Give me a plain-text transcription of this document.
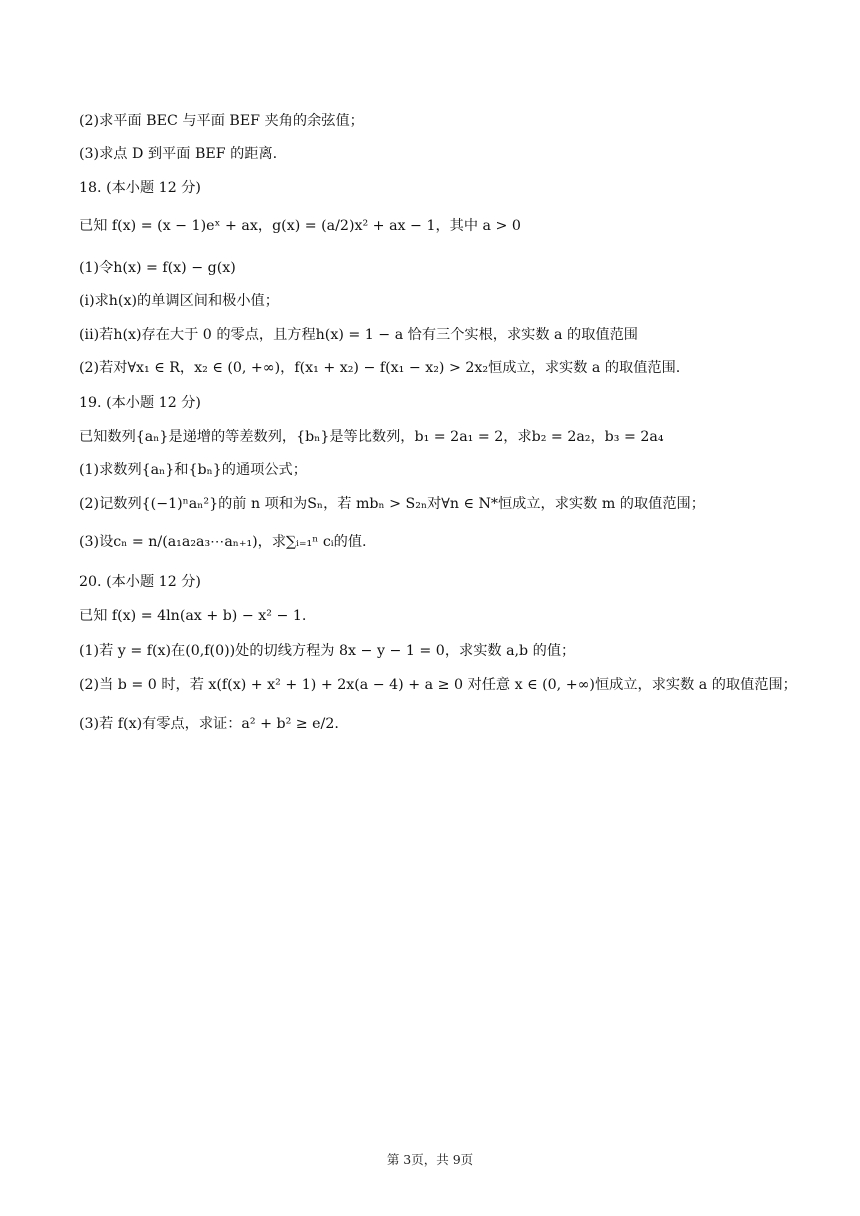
(2)求平面 BEC 与平面 BEF 夹角的余弦值；
(3)求点 D 到平面 BEF 的距离.
18. (本小题 12 分)
已知 f(x) = (x − 1)eˣ + ax，g(x) = (a/2)x² + ax − 1，其中 a > 0
(1)令h(x) = f(x) − g(x)
(i)求h(x)的单调区间和极小值；
(ii)若h(x)存在大于 0 的零点，且方程h(x) = 1 − a 恰有三个实根，求实数 a 的取值范围
(2)若对∀x₁ ∈ R，x₂ ∈ (0, +∞)，f(x₁ + x₂) − f(x₁ − x₂) > 2x₂恒成立，求实数 a 的取值范围.
19. (本小题 12 分)
已知数列{aₙ}是递增的等差数列，{bₙ}是等比数列，b₁ = 2a₁ = 2，求b₂ = 2a₂，b₃ = 2a₄
(1)求数列{aₙ}和{bₙ}的通项公式；
(2)记数列{(−1)ⁿaₙ²}的前 n 项和为Sₙ，若 mbₙ > S₂ₙ对∀n ∈ N*恒成立，求实数 m 的取值范围；
(3)设cₙ = n/(a₁a₂a₃⋯aₙ₊₁)，求∑ᵢ₌₁ⁿ cᵢ的值.
20. (本小题 12 分)
已知 f(x) = 4ln(ax + b) − x² − 1.
(1)若 y = f(x)在(0,f(0))处的切线方程为 8x − y − 1 = 0，求实数 a,b 的值；
(2)当 b = 0 时，若 x(f(x) + x² + 1) + 2x(a − 4) + a ≥ 0 对任意 x ∈ (0, +∞)恒成立，求实数 a 的取值范围；
(3)若 f(x)有零点，求证：a² + b² ≥ e/2.
第 3页，共 9页
